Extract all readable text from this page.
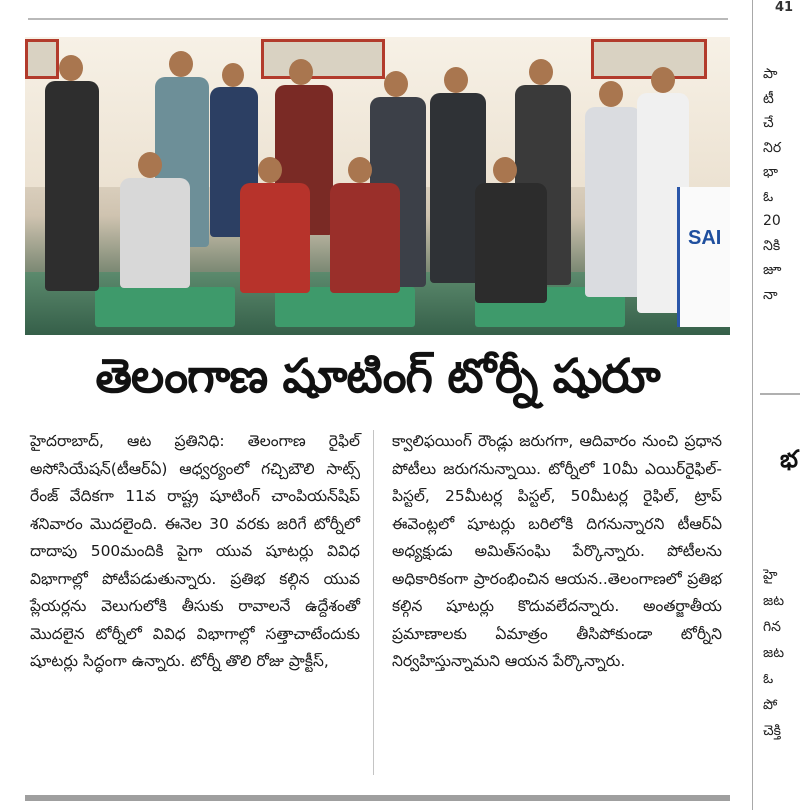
41
SAI
తెలంగాణ షూటింగ్ టోర్నీ షురూ
హైదరాబాద్, ఆట ప్రతినిధి: తెలంగాణ రైఫిల్ అసోసియేషన్(టీఆర్ఏ) ఆధ్వర్యంలో గచ్చిబౌలి సాట్స్ రేంజ్ వేదికగా 11వ రాష్ట్ర షూటింగ్ చాంపియన్‌షిప్ శనివారం మొదలైంది. ఈనెల 30 వరకు జరిగే టోర్నీలో దాదాపు 500మందికి పైగా యువ షూటర్లు వివిధ విభాగాల్లో పోటీపడుతున్నారు. ప్రతిభ కల్గిన యువ ప్లేయర్లను వెలుగులోకి తీసుకు రావాలనే ఉద్దేశంతో మొదలైన టోర్నీలో వివిధ విభాగాల్లో సత్తాచాటేందుకు షూటర్లు సిద్ధంగా ఉన్నారు. టోర్నీ తొలి రోజు ప్రాక్టీస్,
క్వాలిఫయింగ్ రౌండ్లు జరుగగా, ఆదివారం నుంచి ప్రధాన పోటీలు జరుగనున్నాయి. టోర్నీలో 10మీ ఎయిర్‌రైఫిల్-పిస్టల్, 25మీటర్ల పిస్టల్, 50మీటర్ల రైఫిల్, ట్రాప్ ఈవెంట్లలో షూటర్లు బరిలోకి దిగనున్నారని టీఆర్ఏ అధ్యక్షుడు అమిత్‌సంఘి పేర్కొన్నారు. పోటీలను అధికారికంగా ప్రారంభించిన ఆయన..తెలంగాణలో ప్రతిభ కల్గిన షూటర్లు కొదువలేదన్నారు. అంతర్జాతీయ ప్రమాణాలకు ఏమాత్రం తీసిపోకుండా టోర్నీని నిర్వహిస్తున్నామని ఆయన పేర్కొన్నారు.
పా
టీ
చే
నిర
భా
ఓ
20
నికి
జూ
నా
భ
హై
జట
గిన
జట
ఓ
పో
చెక్తి
